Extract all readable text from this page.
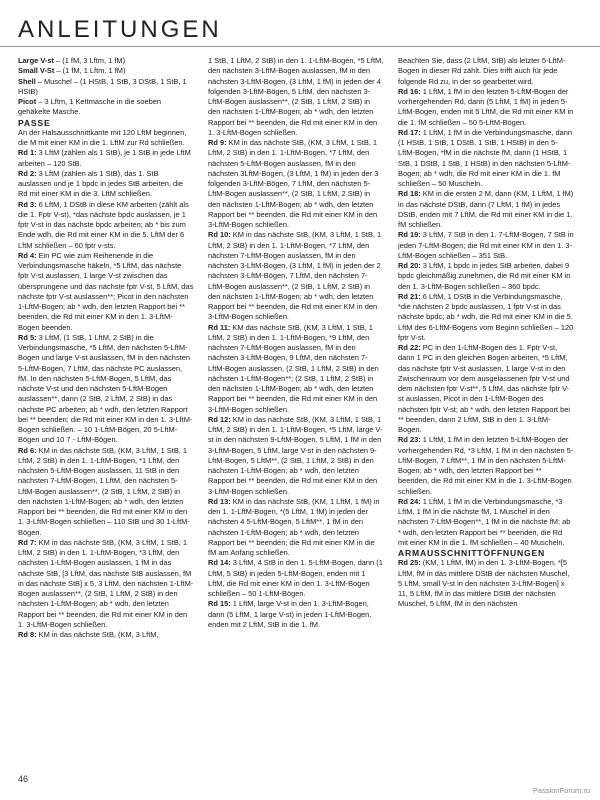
ANLEITUNGEN

Large V-st – (1 fM, 3 Lftm, 1 fM)

Small V-St – (1 fM, 1 Lftm, 1 fM)

Shell – Muschel – (1 HStB, 1 StB, 3 DStB, 1 StB, 1 HStB)

Picot – 3 Lftm, 1 Kettmasche in die soeben gehäkelte Masche.

PASSE

An der Halsausschnittkante mit 120 LftM beginnen, die M mit einer KM in die 1. LftM zur Rd schließen.

Rd 1: 3 LftM (zählen als 1 StB), je 1 StB in jede LftM arbeiten – 120 StB.

Rd 2: 3 LftM (zählen als 1 StB), das 1. StB auslassen und je 1 bpdc in jedes StB arbeiten, die Rd mit einer KM in die 3. LftM schließen.

Rd 3: 6 LftM, 1 DStB in diese KM arbeiten (zählt als die 1. Fptr V-st), *das nächste bpdc auslassen, je 1 fptr V-st in das nächste bpdc arbeiten; ab * bis zum Ende wdh, die Rd mit einer KM in die 5. LftM der 6 LftM schließen – 60 fptr v-sts.

Rd 4: Ein PC wie zum Reihenende in die Verbindungsmasche häkeln, *5 LftM, das nächste fptr V-st auslassen, 1 large V-st zwischen das übersprungene und das nächste fptr V-st, 5 LftM, das nächste fptr V-st auslassen**; Picot in den nächsten 1-LftM-Bogen; ab * wdh, den letzten Rapport bei ** beenden, die Rd mit einer KM in den 1. 3-LftM-Bogen beenden.

Rd 5: 3 LftM, (1 StB, 1 LftM, 2 StB) in die Verbindungsmasche, *5 LftM, den nächsten 5-LftM-Bogen und large V-st auslassen, fM in den nächsten 5-LftM-Bogen, 7 LftM, das nächste PC auslassen, fM. In den nächsten 5-LftM-Bogen, 5 LftM, das nächste V-st und den nächsten 5-LftM-Bogen auslassen**, dann (2 StB, 2 LftM, 2 StB) in das nächste PC arbeiten; ab * wdh, den letzten Rapport bei ** beenden; die Rd mit einer KM in den 1. 3-LftM-Bogen schließen. – 10 1-LftM-Bögen, 20 5-LftM-Bögen und 10 7 - LftM-Bögen.

Rd 6: KM in das nächste StB, (KM, 3 LftM, 1 StB, 1 LftM, 2 StB) in den 1. 1-LftM-Bogen, *1 LftM, den nächsten 5-LftM-Bogen auslassen, 11 StB in den nächsten 7-LftM-Bogen, 1 LftM, den nächsten 5-LftM-Bogen auslassen**, (2 StB, 1 LftM, 2 StB) in den nächsten 1-LftM-Bogen; ab * wdh, den letzten Rapport bei ** beenden, die Rd mit einer KM in den 1. 3-LftM-Bogen schließen – 110 StB und 30 1-LftM-Bögen.

Rd 7: KM in das nächste StB, (KM, 3 LftM, 1 StB, 1 LftM, 2 StB) in den 1. 1-LftM-Bogen, *3 LftM, den nächsten 1-LftM-Bogen auslassen, 1 fM in das nächste StB, [3 LftM, das nächste StB auslassen, fM in das nächste StB] x 5, 3 LftM, den nächsten 1-LftM-Bogen auslassen**, (2 StB, 1 LftM, 2 StB) in den nächsten 1-LftM-Bogen; ab * wdh, den letzten Rapport bei ** beenden, die Rd mit einer KM in den 1. 3-LftM-Bogen schließen.

Rd 8: KM in das nächste StB, (KM, 3 LftM,

1 StB, 1 LftM, 2 StB) in den 1. 1-LftM-Bogen, *5 LftM, den nächsten 3-LftM-Bogen auslassen, fM in den nächsten 3-LftM-Bogen, (3 LftM, 1 fM) in jeden der 4 folgenden 3-LftM-Bögen, 5 LftM, den nächsten 3-LftM-Bogen auslassen**, (2 StB, 1 LftM, 2 StB) in den nächsten 1-LftM-Bogen; ab * wdh, den letzten Rapport bei ** beenden, die Rd mit einer KM in den 1. 3-LftM-Bogen schließen.

Rd 9: KM in das nächste StB, (KM, 3 LftM, 1 StB, 1 LftM, 2 StB) in den 1. 1-LftM-Bogen, *7 LftM, den nächsten 5-LftM-Bogen auslassen, fM in den nächsten 3LftM-Bogen, (3 LftM, 1 fM) in jeden der 3 folgenden 3-LftM-Bögen, 7 LftM, den nächsten 5-LftM-Bogen auslassen**, (2 StB, 1 LftM, 2 StB) in den nächsten 1-LftM-Bogen; ab * wdh, den letzten Rapport bei ** beenden, die Rd mit einer KM in den 3-LftM-Bogen schließen.

Rd 10: KM in das nächste StB, (KM, 3 LftM, 1 StB, 1 LftM, 2 StB) in den 1. 1-LftM-Bogen, *7 LftM, den nächsten 7-LftM-Bogen auslassen, fM in den nächsten 3-LftM-Bogen, (3 LftM, 1 fM) in jeden der 2 nächsten 3-LftM-Bögen, 7 LftM, den nächsten 7-LftM-Bogen auslassen**, (2 StB, 1 LftM, 2 StB) in den nächsten 1-LftM-Bogen; ab * wdh, den letzten Rapport bei ** beenden, die Rd mit einer KM in den 3-LftM-Bogen schließen.

Rd 11: KM das nächste StB, (KM, 3 LftM, 1 StB, 1 LftM, 2 StB) in den 1. 1-LftM-Bogen, *9 LftM, den nächsten 7-LftM-Bogen auslassen, fM in den nächsten 3-LftM-Bogen, 9 LftM, den nächsten 7-LftM-Bogen auslassen, (2 StB, 1 LftM, 2 StB) in den nächsten 1-LftM-Bogen**; (2 StB, 1 LftM, 2 StB) in den nächsten 1-LftM-Bogen; ab * wdh, den letzten Rapport bei ** beenden, die Rd mit einer KM in den 3-LftM-Bogen schließen.

Rd 12: KM in das nächste StB, (KM, 3 LftM, 1 StB, 1 LftM, 2 StB) in den 1. 1-LftM-Bogen, *5 LftM, large V-st in den nächsten 9-LftM-Bogen, 5 LftM, 1 fM in den 3-LftM-Bogen, 5 LftM, large V-st in den nächsten 9-LftM-Bogen, 5 LftM**, (2 StB, 1 LftM, 2 StB) in den nächsten 1-LftM-Bogen; ab * wdh, den letzten Rapport bei ** beenden, die Rd mit einer KM in den 3-LftM-Bogen schließen.

Rd 13: KM in das nächste StB, (KM, 1 LftM, 1 fM) in den 1. 1-LftM-Bogen, *(5 LftM, 1 fM) in jeden der nächsten 4 5-LftM-Bögen, 5 LftM**, 1 fM in den nächsten 1-LftM-Bogen; ab * wdh, den letzten Rapport bei ** beenden; die Rd mit einer KM in die fM am Anfang schließen.

Rd 14: 3 LftM, 4 StB in den 1. 5-LftM-Bogen, dann (1 LftM, 5 StB) in jeden 5-LftM-Bogen, enden mit 1 LftM, die Rd mit einer KM in den 1. 3-LftM-Bogen schließen – 50 1-LftM-Bögen.

Rd 15: 1 LftM, large V-st in den 1. 3-LftM-Bogen, dann (5 LftM, 1 large V-st) in jeden 1-LftM-Bogen, enden mit 2 LftM, StB in die 1. fM.

Beachten Sie, dass (2 LftM, StB) als letzter 5-LftM-Bogen in dieser Rd zählt. Dies trifft auch für jede folgende Rd zu, in der so gearbeitet wird.

Rd 16: 1 LftM, 1 fM in den letzten 5-LftM-Bogen der vorhergehenden Rd, dann (5 LftM, 1 fM) in jeden 5-LftM-Bogen, enden mit 5 LftM, die Rd mit einer KM in die 1. fM schließen – 50 5-LftM-Bögen.

Rd 17: 1 LftM, 1 fM in die Verbindungsmasche, dann (1 HStB, 1 StB, 1 DStB, 1 StB, 1 HStB) in den 5-LftM-Bogen, *fM in die nächste fM, dann (1 HStB, 1 StB, 1 DStB, 1 StB, 1 HStB) in den nächsten 5-LftM-Bogen; ab * wdh, die Rd mit einer KM in die 1. fM schließen – 50 Muscheln.

Rd 18: KM in die ersten 2 M, dann (KM, 1 LftM, 1 fM) in das nächste DStB, dann (7 LftM, 1 fM) in jedes DStB, enden mit 7 LftM, die Rd mit einer KM in die 1. fM schließen.

Rd 19: 3 LftM, 7 StB in den 1. 7-LftM-Bogen, 7 StB in jeden 7-LftM-Bogen; die Rd mit einer KM in den 1. 3-LftM-Bogen schließen – 351 StB.

Rd 20: 3 LftM, 1 bpdc in jedes StB arbeiten, dabei 9 bpdc gleichmäßig zunehmen, die Rd mit einer KM in den 1. 3-LftM-Bogen schließen – 360 bpdc.

Rd 21: 6 LftM, 1 DStB in die Verbindungsmasche, *die nächsten 2 bpdc auslassen, 1 fptr V-st in das nächste bpdc; ab * wdh, die Rd mit einer KM in die 5. LftM des 6-LftM-Bogens vom Beginn schließen – 120 fptr V-st.

Rd 22: PC in den 1-LftM-Bogen des 1. Fptr V-st, dann 1 PC in den gleichen Bogen arbeiten, *5 LftM, das nächste fptr V-st auslassen, 1 large V-st in den Zwischenraum vor dem ausgelassenen fptr V-st und dem nächsten fptr V-st**, 5 LftM, das nächste fptr V-st auslassen, Picot in den 1-LftM-Bogen des nächsten fptr V-st; ab * wdh, den letzten Rapport bei ** beenden, dann 2 LftM, StB in den 1. 3-LftM-Bogen.

Rd 23: 1 LftM, 1 fM in den letzten 5-LftM-Bogen der vorhergehenden Rd, *3 LftM, 1 fM in den nächsten 5-LftM-Bogen, 7 LftM**, 1 fM in den nächsten 5-LftM-Bogen; ab * wdh, den letzten Rapport bei ** beenden, die Rd mit einer KM in die 1. 3-LftM-Bogen schließen.

Rd 24: 1 LftM, 1 fM in die Verbindungsmasche, *3 LftM, 1 fM in die nächste fM, 1 Muschel in den nächsten 7-LftM-Bogen**, 1 fM in die nächste fM; ab * wdh, den letzten Rapport bei ** beenden, die Rd mit einer KM in die 1. fM schließen – 40 Muscheln.

ARMAUSSCHNITTÖFFNUNGEN

Rd 25: (KM, 1 LftM, fM) in den 1. 3-LftM-Bogen, *[5 LftM, fM in das mittlere DStB der nächsten Muschel, 5 LftM, small V-st in den nächsten 3-LftM-Bogen] x 11, 5 LftM, fM in das mittlere DStB der nächsten Muschel, 5 LftM, fM in den nächsten

46
PassionForum.ru
